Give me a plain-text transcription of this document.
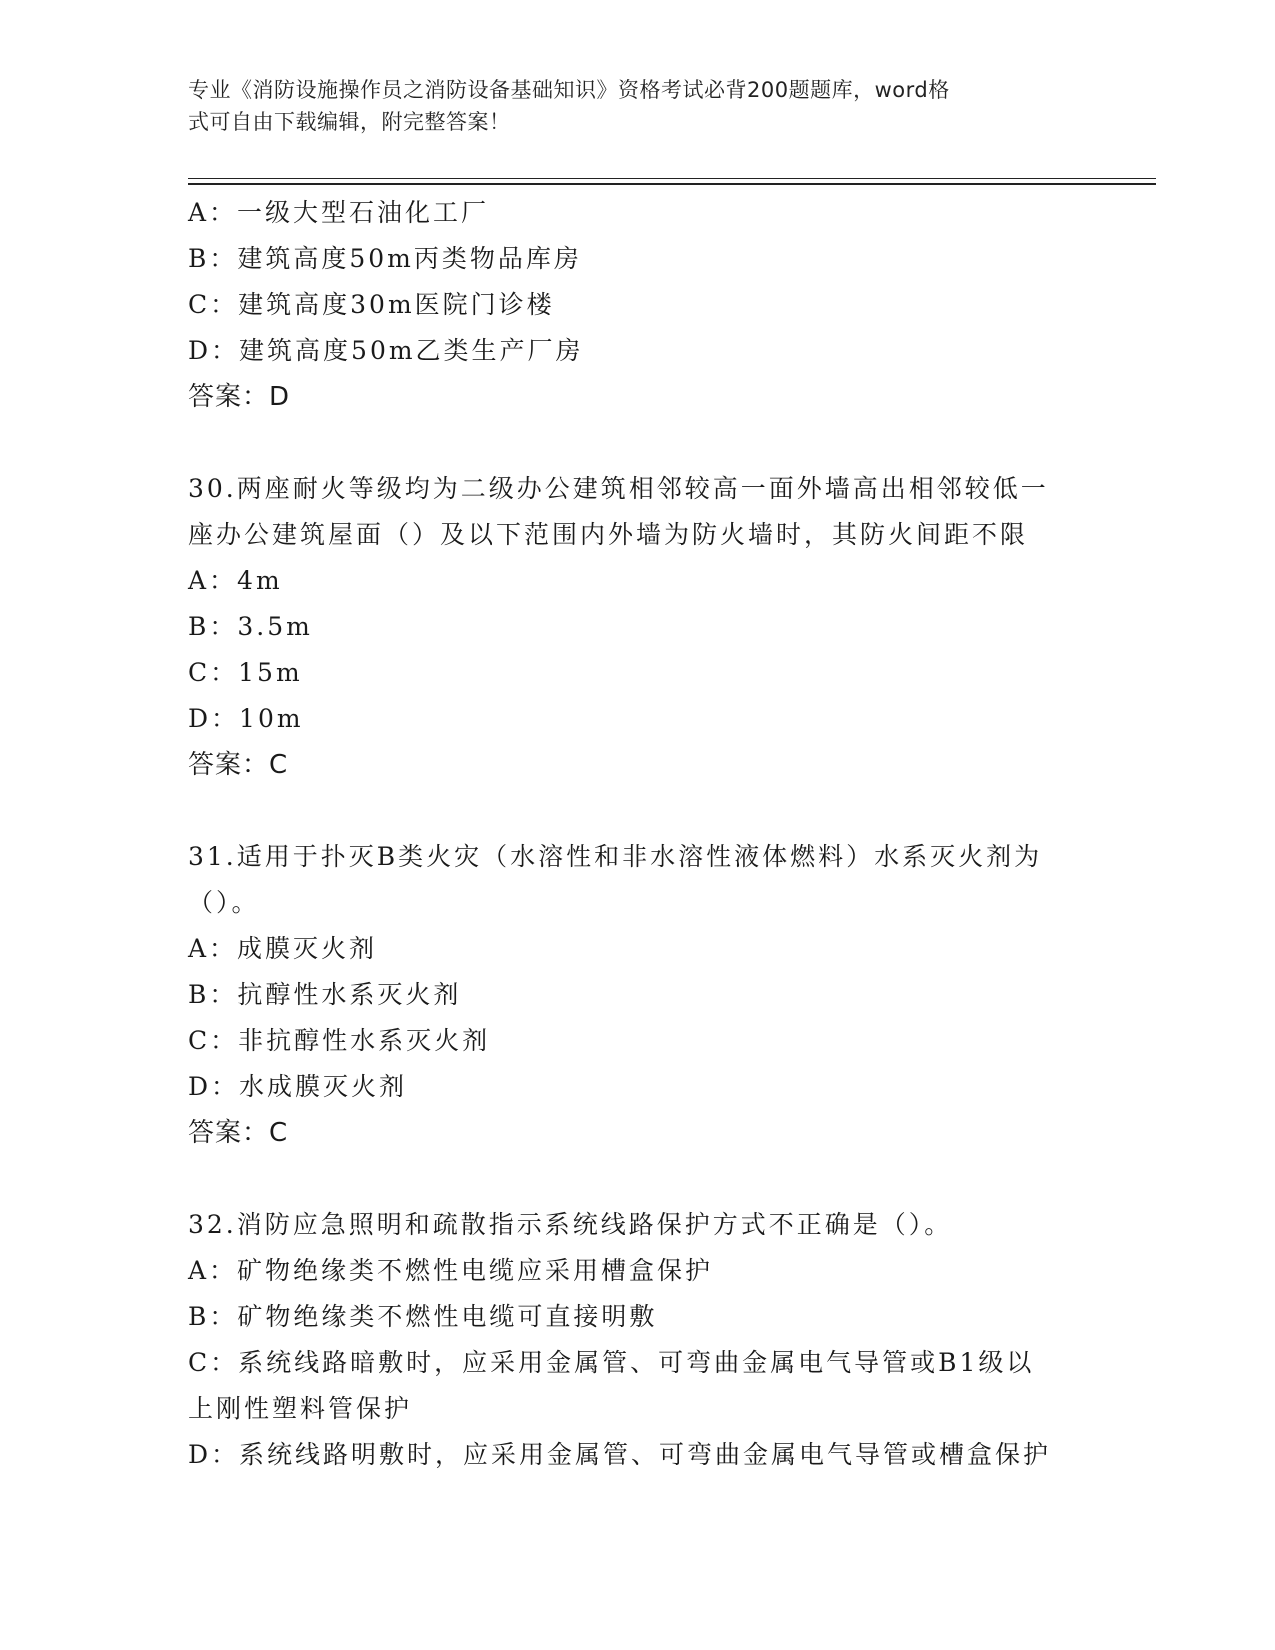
专业《消防设施操作员之消防设备基础知识》资格考试必背200题题库，word格
式可自由下载编辑，附完整答案！
A：一级大型石油化工厂
B：建筑高度50m丙类物品库房
C：建筑高度30m医院门诊楼
D：建筑高度50m乙类生产厂房
答案：D
30.两座耐火等级均为二级办公建筑相邻较高一面外墙高出相邻较低一
座办公建筑屋面（）及以下范围内外墙为防火墙时，其防火间距不限
A：4m
B：3.5m
C：15m
D：10m
答案：C
31.适用于扑灭B类火灾（水溶性和非水溶性液体燃料）水系灭火剂为
（）。
A：成膜灭火剂
B：抗醇性水系灭火剂
C：非抗醇性水系灭火剂
D：水成膜灭火剂
答案：C
32.消防应急照明和疏散指示系统线路保护方式不正确是（）。
A：矿物绝缘类不燃性电缆应采用槽盒保护
B：矿物绝缘类不燃性电缆可直接明敷
C：系统线路暗敷时，应采用金属管、可弯曲金属电气导管或B1级以
上刚性塑料管保护
D：系统线路明敷时，应采用金属管、可弯曲金属电气导管或槽盒保护
